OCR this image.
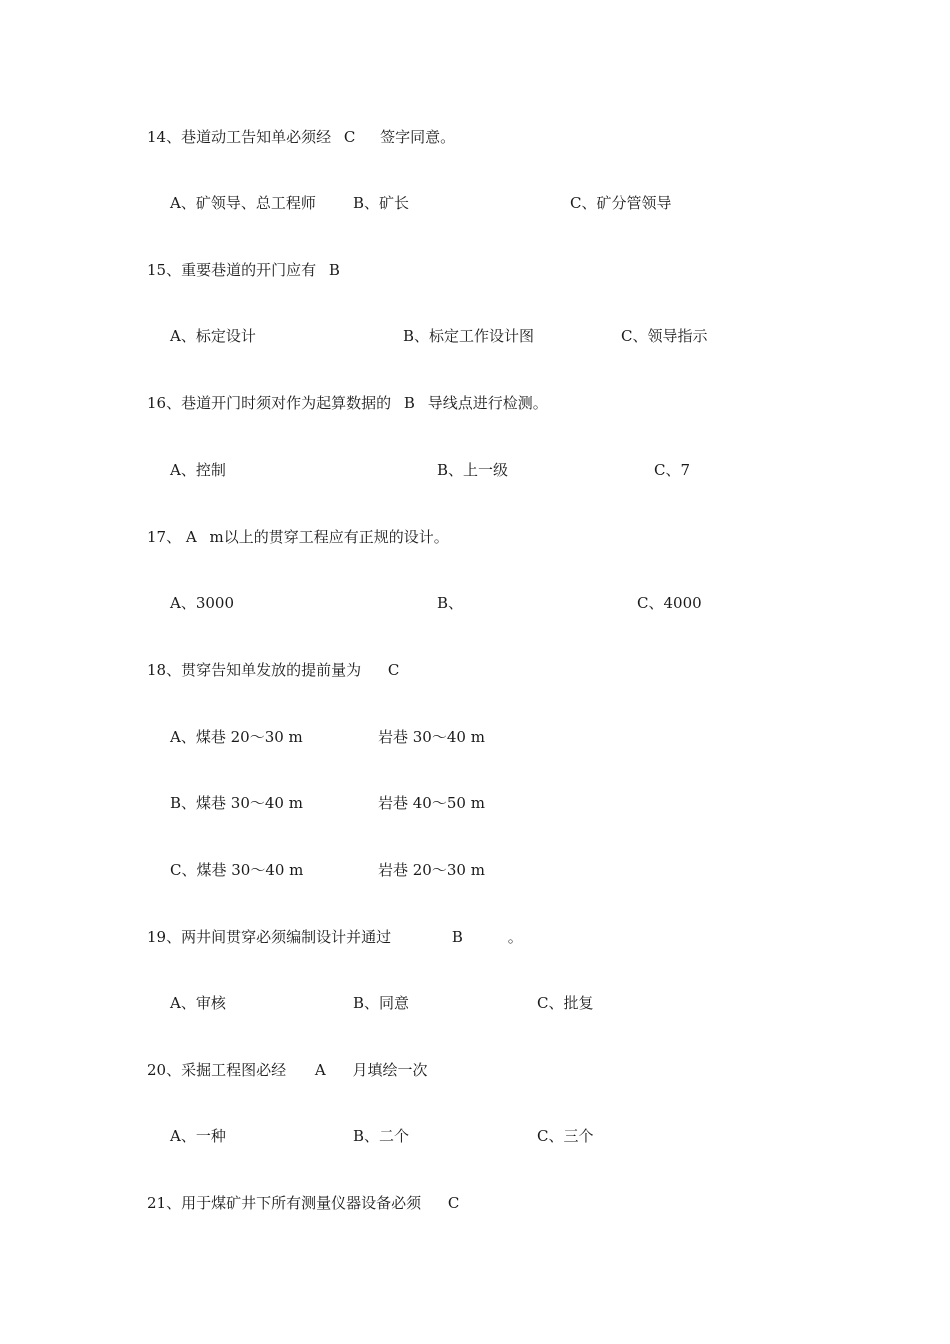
14、巷道动工告知单必须经 C 签字同意。
A、矿领导、总工程师 B、矿长	C、矿分管领导
15、重要巷道的开门应有 B
A、标定设计	B、标定工作设计图	C、领导指示
16、巷道开门时须对作为起算数据的 B 导线点进行检测。
A、控制	B、上一级	C、7
17、 A m以上的贯穿工程应有正规的设计。
A、3000	B、	C、4000
18、贯穿告知单发放的提前量为 C
A、煤巷 20～30 m	岩巷 30～40 m
B、煤巷 30～40 m	岩巷 40～50 m
C、煤巷 30～40 m	岩巷 20～30 m
19、两井间贯穿必须编制设计并通过	B	。
A、审核	B、同意	C、批复
20、采掘工程图必经 A 月填绘一次
A、一种	B、二个	C、三个
21、用于煤矿井下所有测量仪器设备必须 C
